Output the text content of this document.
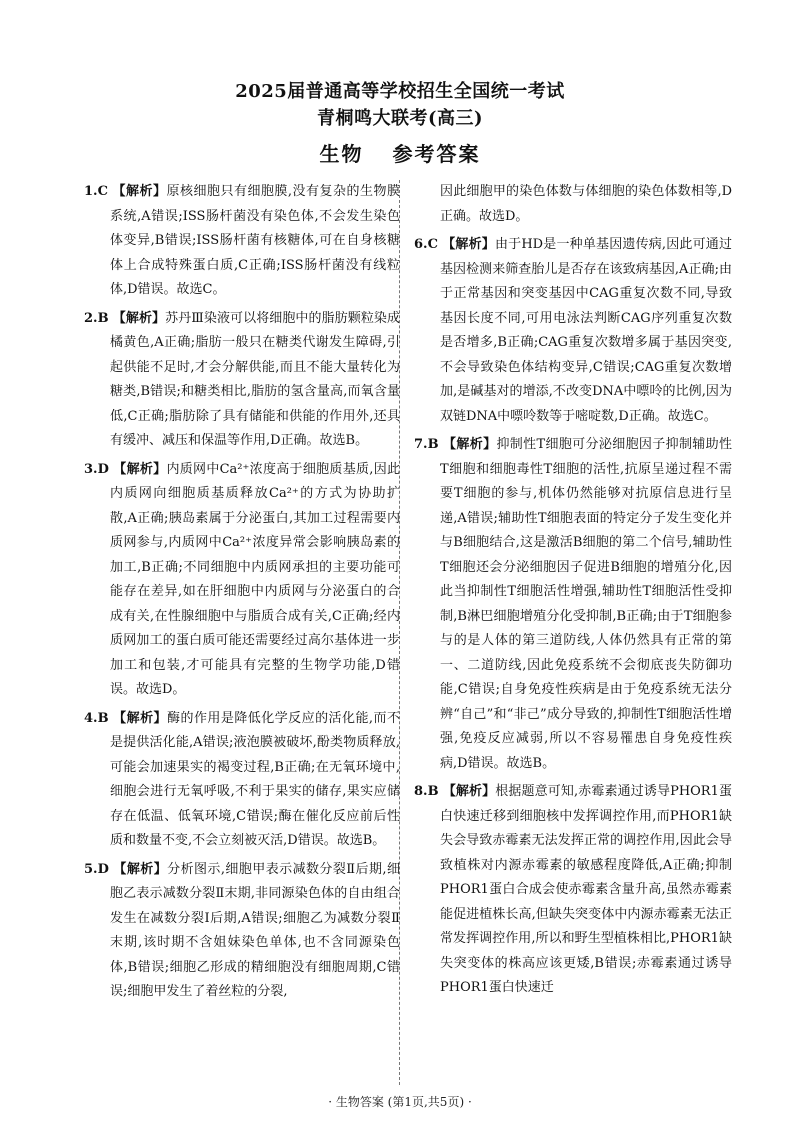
2025届普通高等学校招生全国统一考试
青桐鸣大联考(高三)
生物 参考答案

1.C 【解析】原核细胞只有细胞膜,没有复杂的生物膜系统,A错误;ISS肠杆菌没有染色体,不会发生染色体变异,B错误;ISS肠杆菌有核糖体,可在自身核糖体上合成特殊蛋白质,C正确;ISS肠杆菌没有线粒体,D错误。故选C。

2.B 【解析】苏丹Ⅲ染液可以将细胞中的脂肪颗粒染成橘黄色,A正确;脂肪一般只在糖类代谢发生障碍,引起供能不足时,才会分解供能,而且不能大量转化为糖类,B错误;和糖类相比,脂肪的氢含量高,而氧含量低,C正确;脂肪除了具有储能和供能的作用外,还具有缓冲、减压和保温等作用,D正确。故选B。

3.D 【解析】内质网中Ca²⁺浓度高于细胞质基质,因此内质网向细胞质基质释放Ca²⁺的方式为协助扩散,A正确;胰岛素属于分泌蛋白,其加工过程需要内质网参与,内质网中Ca²⁺浓度异常会影响胰岛素的加工,B正确;不同细胞中内质网承担的主要功能可能存在差异,如在肝细胞中内质网与分泌蛋白的合成有关,在性腺细胞中与脂质合成有关,C正确;经内质网加工的蛋白质可能还需要经过高尔基体进一步加工和包装,才可能具有完整的生物学功能,D错误。故选D。

4.B 【解析】酶的作用是降低化学反应的活化能,而不是提供活化能,A错误;液泡膜被破坏,酚类物质释放,可能会加速果实的褐变过程,B正确;在无氧环境中,细胞会进行无氧呼吸,不利于果实的储存,果实应储存在低温、低氧环境,C错误;酶在催化反应前后性质和数量不变,不会立刻被灭活,D错误。故选B。

5.D 【解析】分析图示,细胞甲表示减数分裂Ⅱ后期,细胞乙表示减数分裂Ⅱ末期,非同源染色体的自由组合发生在减数分裂Ⅰ后期,A错误;细胞乙为减数分裂Ⅱ末期,该时期不含姐妹染色单体,也不含同源染色体,B错误;细胞乙形成的精细胞没有细胞周期,C错误;细胞甲发生了着丝粒的分裂,

因此细胞甲的染色体数与体细胞的染色体数相等,D正确。故选D。

6.C 【解析】由于HD是一种单基因遗传病,因此可通过基因检测来筛查胎儿是否存在该致病基因,A正确;由于正常基因和突变基因中CAG重复次数不同,导致基因长度不同,可用电泳法判断CAG序列重复次数是否增多,B正确;CAG重复次数增多属于基因突变,不会导致染色体结构变异,C错误;CAG重复次数增加,是碱基对的增添,不改变DNA中嘌呤的比例,因为双链DNA中嘌呤数等于嘧啶数,D正确。故选C。

7.B 【解析】抑制性T细胞可分泌细胞因子抑制辅助性T细胞和细胞毒性T细胞的活性,抗原呈递过程不需要T细胞的参与,机体仍然能够对抗原信息进行呈递,A错误;辅助性T细胞表面的特定分子发生变化并与B细胞结合,这是激活B细胞的第二个信号,辅助性T细胞还会分泌细胞因子促进B细胞的增殖分化,因此当抑制性T细胞活性增强,辅助性T细胞活性受抑制,B淋巴细胞增殖分化受抑制,B正确;由于T细胞参与的是人体的第三道防线,人体仍然具有正常的第一、二道防线,因此免疫系统不会彻底丧失防御功能,C错误;自身免疫性疾病是由于免疫系统无法分辨“自己”和“非己”成分导致的,抑制性T细胞活性增强,免疫反应减弱,所以不容易罹患自身免疫性疾病,D错误。故选B。

8.B 【解析】根据题意可知,赤霉素通过诱导PHOR1蛋白快速迁移到细胞核中发挥调控作用,而PHOR1缺失会导致赤霉素无法发挥正常的调控作用,因此会导致植株对内源赤霉素的敏感程度降低,A正确;抑制PHOR1蛋白合成会使赤霉素含量升高,虽然赤霉素能促进植株长高,但缺失突变体中内源赤霉素无法正常发挥调控作用,所以和野生型植株相比,PHOR1缺失突变体的株高应该更矮,B错误;赤霉素通过诱导PHOR1蛋白快速迁

· 生物答案 (第1页,共5页) ·
